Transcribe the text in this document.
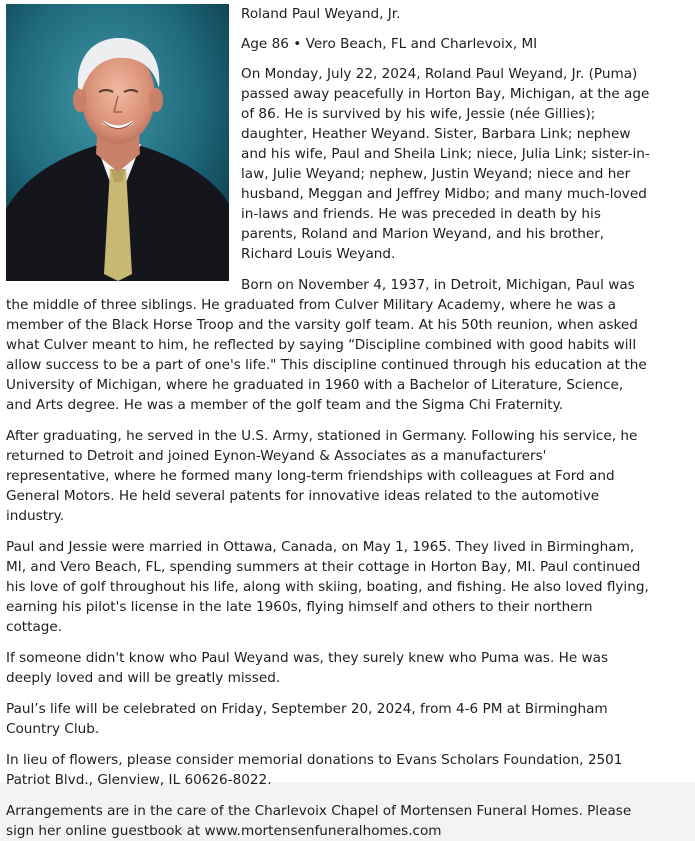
Roland Paul Weyand, Jr.

Age 86 • Vero Beach, FL and Charlevoix, MI

On Monday, July 22, 2024, Roland Paul Weyand, Jr. (Puma) passed away peacefully in Horton Bay, Michigan, at the age of 86. He is survived by his wife, Jessie (née Gillies); daughter, Heather Weyand. Sister, Barbara Link; nephew and his wife, Paul and Sheila Link; niece, Julia Link; sister-in-law, Julie Weyand; nephew, Justin Weyand; niece and her husband, Meggan and Jeffrey Midbo; and many much-loved in-laws and friends. He was preceded in death by his parents, Roland and Marion Weyand, and his brother, Richard Louis Weyand.

Born on November 4, 1937, in Detroit, Michigan, Paul was the middle of three siblings. He graduated from Culver Military Academy, where he was a member of the Black Horse Troop and the varsity golf team. At his 50th reunion, when asked what Culver meant to him, he reflected by saying “Discipline combined with good habits will allow success to be a part of one's life." This discipline continued through his education at the University of Michigan, where he graduated in 1960 with a Bachelor of Literature, Science, and Arts degree. He was a member of the golf team and the Sigma Chi Fraternity.

After graduating, he served in the U.S. Army, stationed in Germany. Following his service, he returned to Detroit and joined Eynon-Weyand & Associates as a manufacturers' representative, where he formed many long-term friendships with colleagues at Ford and General Motors. He held several patents for innovative ideas related to the automotive industry.

Paul and Jessie were married in Ottawa, Canada, on May 1, 1965. They lived in Birmingham, MI, and Vero Beach, FL, spending summers at their cottage in Horton Bay, MI. Paul continued his love of golf throughout his life, along with skiing, boating, and fishing. He also loved flying, earning his pilot's license in the late 1960s, flying himself and others to their northern cottage.

If someone didn't know who Paul Weyand was, they surely knew who Puma was. He was deeply loved and will be greatly missed.

Paul’s life will be celebrated on Friday, September 20, 2024, from 4-6 PM at Birmingham Country Club.

In lieu of flowers, please consider memorial donations to Evans Scholars Foundation, 2501 Patriot Blvd., Glenview, IL 60626-8022.

Arrangements are in the care of the Charlevoix Chapel of Mortensen Funeral Homes. Please sign her online guestbook at www.mortensenfuneralhomes.com
